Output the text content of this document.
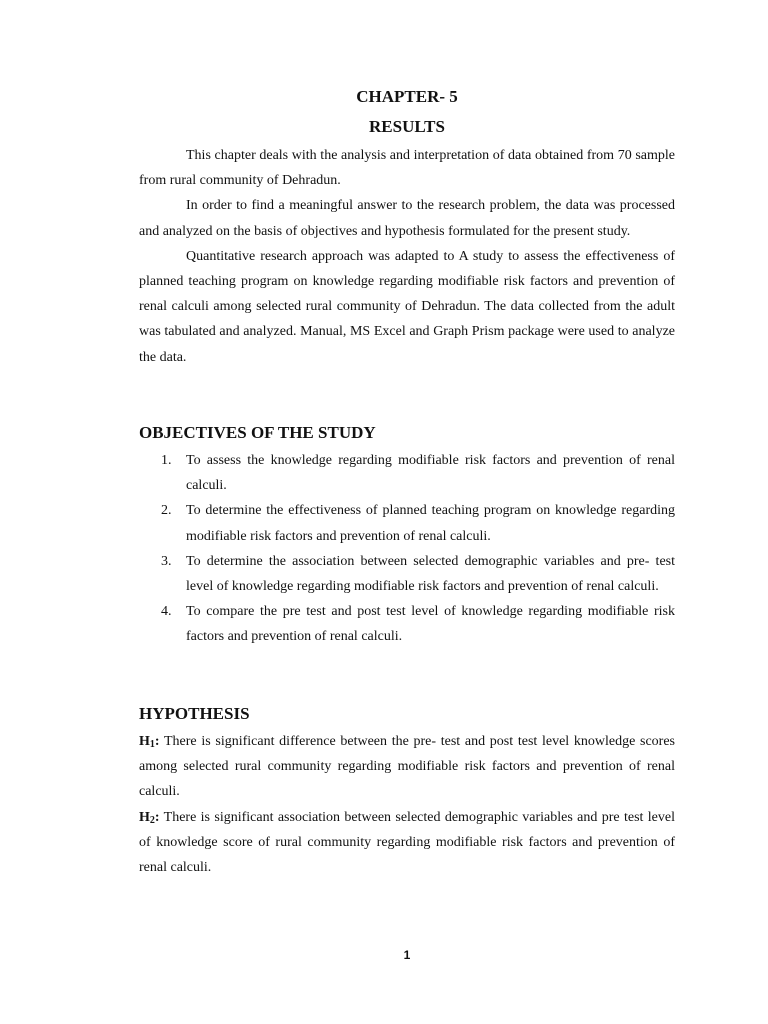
CHAPTER- 5
RESULTS

This chapter deals with the analysis and interpretation of data obtained from 70 sample from rural community of Dehradun.

In order to find a meaningful answer to the research problem, the data was processed and analyzed on the basis of objectives and hypothesis formulated for the present study.

Quantitative research approach was adapted to A study to assess the effectiveness of planned teaching program on knowledge regarding modifiable risk factors and prevention of renal calculi among selected rural community of Dehradun. The data collected from the adult was tabulated and analyzed. Manual, MS Excel and Graph Prism package were used to analyze the data.

OBJECTIVES OF THE STUDY
1. To assess the knowledge regarding modifiable risk factors and prevention of renal calculi.
2. To determine the effectiveness of planned teaching program on knowledge regarding modifiable risk factors and prevention of renal calculi.
3. To determine the association between selected demographic variables and pre- test level of knowledge regarding modifiable risk factors and prevention of renal calculi.
4. To compare the pre test and post test level of knowledge regarding modifiable risk factors and prevention of renal calculi.
HYPOTHESIS

$H_1$: There is significant difference between the pre- test and post test level knowledge scores among selected rural community regarding modifiable risk factors and prevention of renal calculi.

$H_2$: There is significant association between selected demographic variables and pre test level of knowledge score of rural community regarding modifiable risk factors and prevention of renal calculi.

1
